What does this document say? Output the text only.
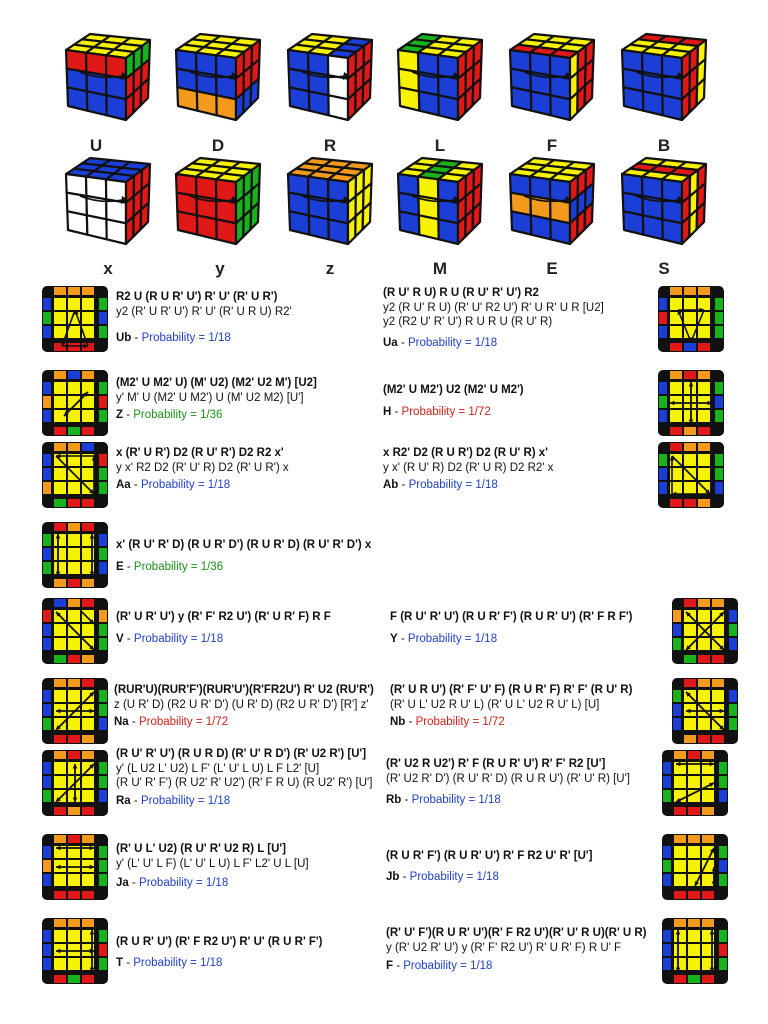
U	D	R	L	F	B
x	y	z	M	E	S
R2 U (R U R' U') R' U' (R' U R')
y2 (R' U R' U') R' U' (R' U R U) R2'
Ub - Probability = 1/18
(R U' R U) R U (R U' R' U') R2
y2 (R U' R U) (R' U' R2 U') R' U R' U R [U2]
y2 (R2 U' R' U') R U R U (R U' R)
Ua - Probability = 1/18
(M2' U M2' U) (M' U2) (M2' U2 M') [U2]
y' M' U (M2' U M2') U (M' U2 M2) [U']
Z - Probability = 1/36
(M2' U M2') U2 (M2' U M2')
H - Probability = 1/72
x (R' U R') D2 (R U' R') D2 R2 x'
y x' R2 D2 (R' U' R) D2 (R' U R') x
Aa - Probability = 1/18
x R2' D2 (R U R') D2 (R U' R) x'
y x' (R U' R) D2 (R' U R) D2 R2' x
Ab - Probability = 1/18
x' (R U' R' D) (R U R' D') (R U R' D) (R U' R' D') x
E - Probability = 1/36
(R' U R' U') y (R' F' R2 U') (R' U R' F) R F
V - Probability = 1/18
F (R U' R' U') (R U R' F') (R U R' U') (R' F R F')
Y - Probability = 1/18
(RUR'U)(RUR'F')(RUR'U')(R'FR2U') R' U2 (RU'R')
z (U R' D) (R2 U R' D') (U R' D) (R2 U R' D') [R'] z'
Na - Probability = 1/72
(R' U R U') (R' F' U' F) (R U R' F) R' F' (R U' R)
(R' U L' U2 R U' L) (R' U L' U2 R U' L) [U]
Nb - Probability = 1/72
(R U' R' U') (R U R D) (R' U' R D') (R' U2 R') [U']
y' (L U2 L' U2) L F' (L' U' L U) L F L2' [U]
(R U' R' F') (R U2' R' U2') (R' F R U) (R U2' R') [U']
Ra - Probability = 1/18
(R' U2 R U2') R' F (R U R' U') R' F' R2 [U']
(R' U2 R' D') (R U' R' D) (R U R U') (R' U' R) [U']
Rb - Probability = 1/18
(R' U L' U2) (R U' R' U2 R) L [U']
y' (L' U' L F) (L' U' L U) L F' L2' U L [U]
Ja - Probability = 1/18
(R U R' F') (R U R' U') R' F R2 U' R' [U']
Jb - Probability = 1/18
(R U R' U') (R' F R2 U') R' U' (R U R' F')
T - Probability = 1/18
(R' U' F')(R U R' U')(R' F R2 U')(R' U' R U)(R' U R)
y (R' U2 R' U') y (R' F' R2 U') R' U R' F) R U' F
F - Probability = 1/18
